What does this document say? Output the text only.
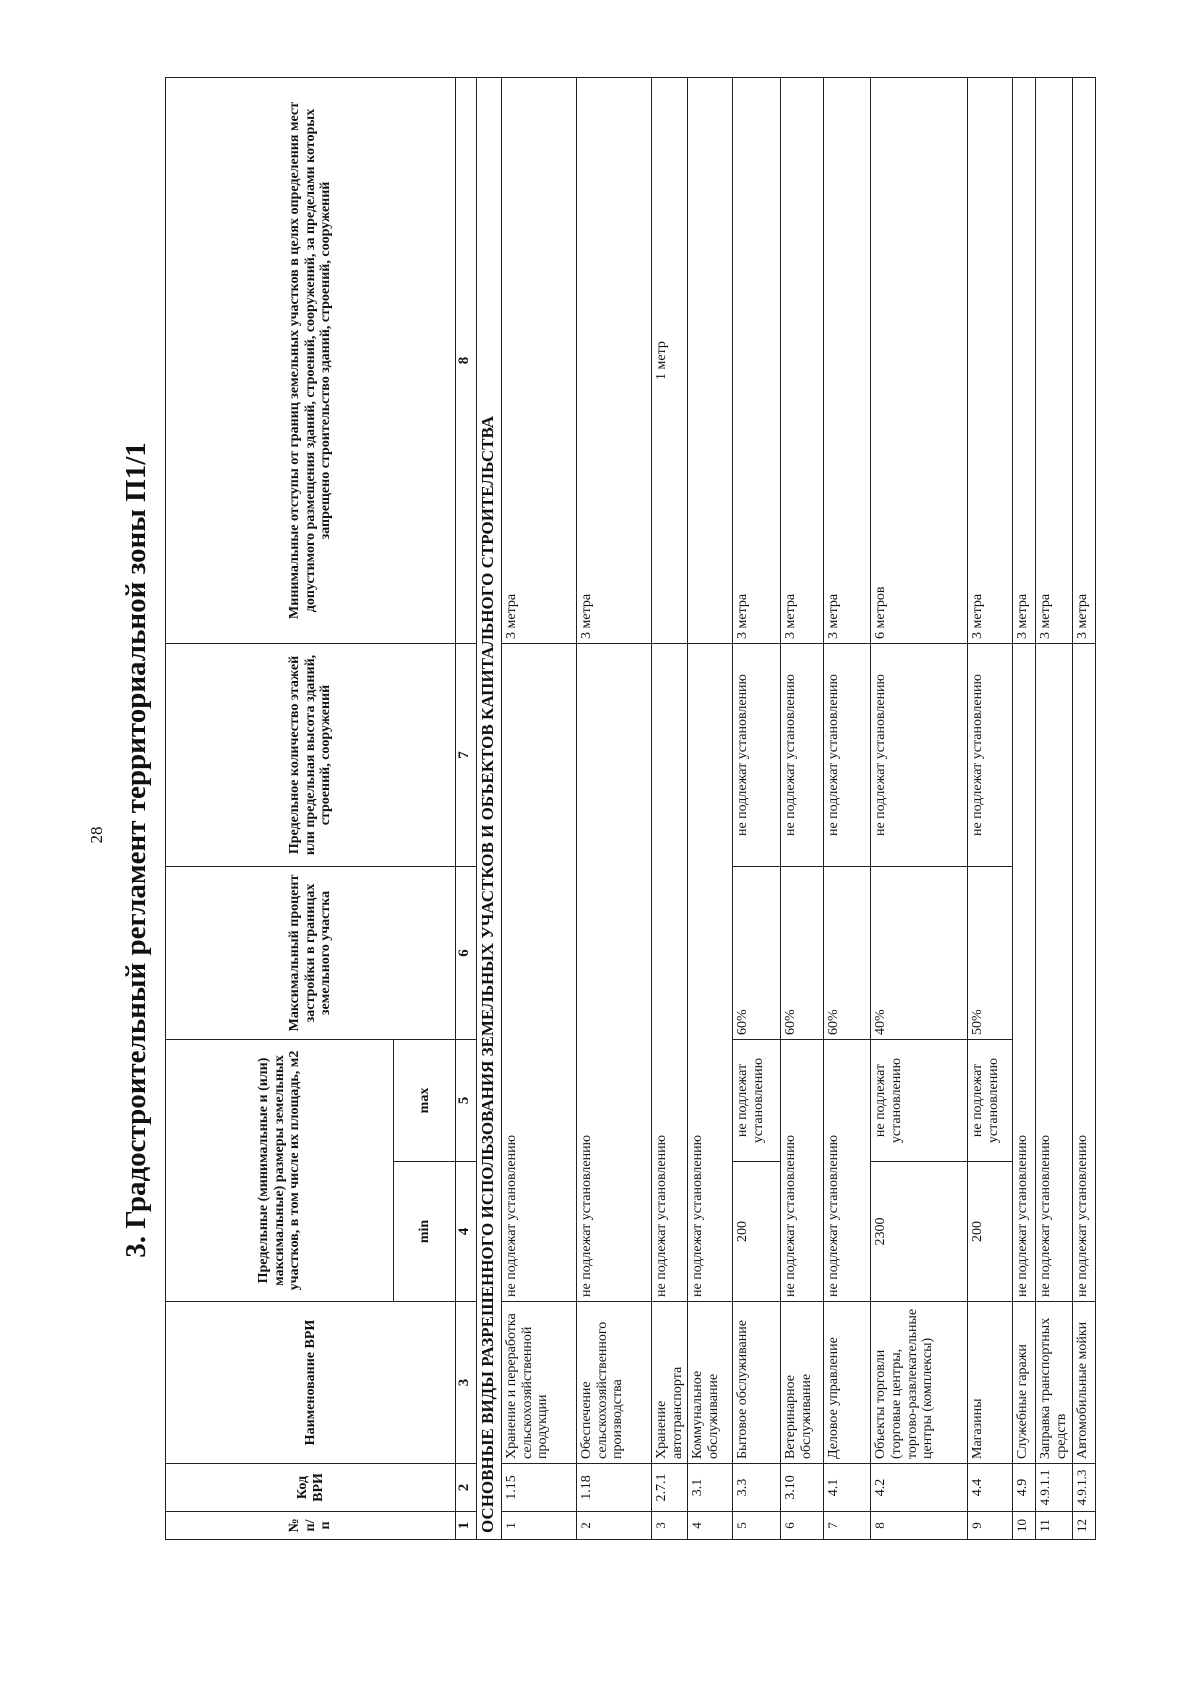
28 3. Градостроительный регламент территориальной зоны П1/1
№ п/п	Код ВРИ	Наименование ВРИ	Предельные (минимальные и (или) максимальные) размеры земельных участков, в том числе их площадь, м2		Максимальный процент застройки в границах земельного участка	Предельное количество этажей или предельная высота зданий, строений, сооружений	Минимальные отступы от границ земельных участков в целях определения мест допустимого размещения зданий, строений, сооружений, за пределами которых запрещено строительство зданий, строений, сооружений
			min	max			
1	2	3	4	5	6	7	8
ОСНОВНЫЕ ВИДЫ РАЗРЕШЕННОГО ИСПОЛЬЗОВАНИЯ ЗЕМЕЛЬНЫХ УЧАСТКОВ И ОБЪЕКТОВ КАПИТАЛЬНОГО СТРОИТЕЛЬСТВА							
1	1.15	Хранение и переработка сельскохозяйственной продукции	не подлежат установлению				3 метра
2	1.18	Обеспечение сельскохозяйственного производства	не подлежат установлению				3 метра
3	2.7.1	Хранение автотранспорта	не подлежат установлению				1 метр
4	3.1	Коммунальное обслуживание	не подлежат установлению				
5	3.3	Бытовое обслуживание	200	не подлежат установлению	60%	не подлежат установлению	3 метра
6	3.10	Ветеринарное обслуживание	не подлежат установлению		60%	не подлежат установлению	3 метра
7	4.1	Деловое управление	не подлежат установлению		60%	не подлежат установлению	3 метра
8	4.2	Объекты торговли (торговые центры, торгово-развлекательные центры (комплексы)	2300	не подлежат установлению	40%	не подлежат установлению	6 метров
9	4.4	Магазины	200	не подлежат установлению	50%	не подлежат установлению	3 метра
10	4.9	Служебные гаражи	не подлежат установлению				3 метра
11	4.9.1.1	Заправка транспортных средств	не подлежат установлению				3 метра
12	4.9.1.3	Автомобильные мойки	не подлежат установлению				3 метра
